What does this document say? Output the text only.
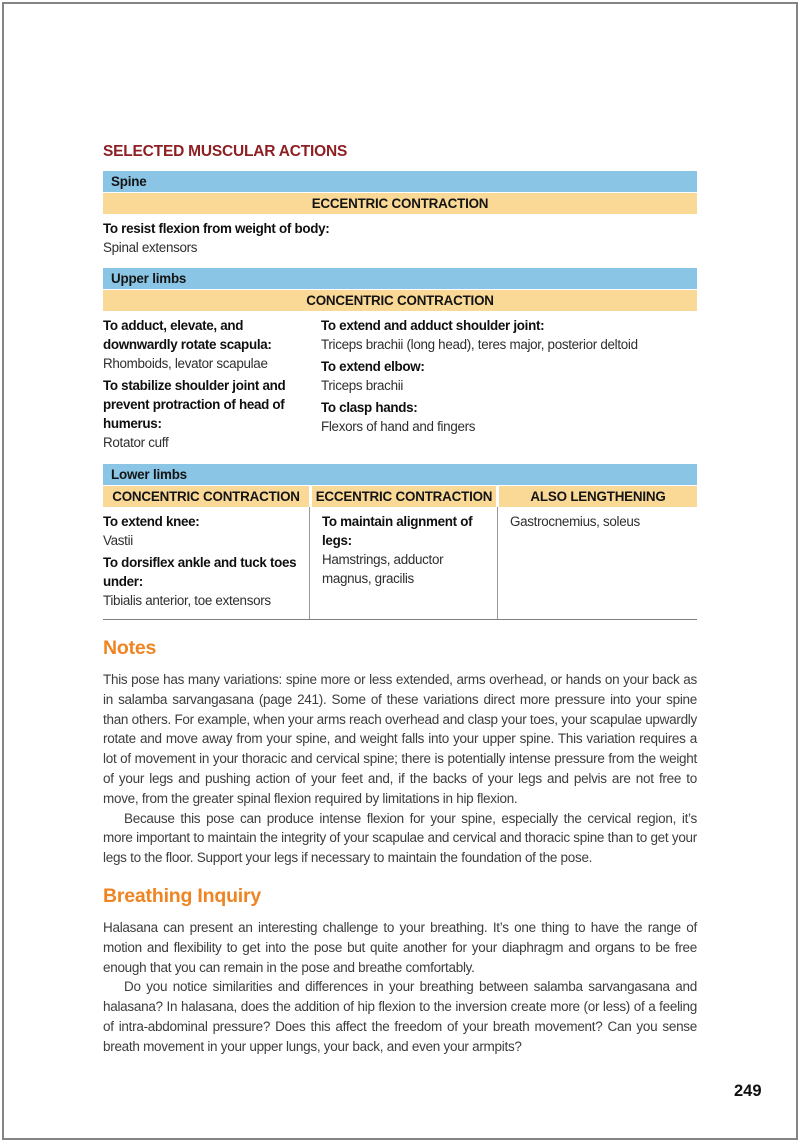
SELECTED MUSCULAR ACTIONS
Spine
ECCENTRIC CONTRACTION
To resist flexion from weight of body:
Spinal extensors
Upper limbs
CONCENTRIC CONTRACTION
To adduct, elevate, and downwardly rotate scapula:
Rhomboids, levator scapulae
To stabilize shoulder joint and prevent protraction of head of humerus:
Rotator cuff
To extend and adduct shoulder joint:
Triceps brachii (long head), teres major, posterior deltoid
To extend elbow:
Triceps brachii
To clasp hands:
Flexors of hand and fingers
Lower limbs
CONCENTRIC CONTRACTION	ECCENTRIC CONTRACTION	ALSO LENGTHENING
To extend knee:
Vastii
To dorsiflex ankle and tuck toes under:
Tibialis anterior, toe extensors
To maintain alignment of legs:
Hamstrings, adductor magnus, gracilis
Gastrocnemius, soleus
Notes

This pose has many variations: spine more or less extended, arms overhead, or hands on your back as in salamba sarvangasana (page 241). Some of these variations direct more pressure into your spine than others. For example, when your arms reach overhead and clasp your toes, your scapulae upwardly rotate and move away from your spine, and weight falls into your upper spine. This variation requires a lot of movement in your thoracic and cervical spine; there is potentially intense pressure from the weight of your legs and pushing action of your feet and, if the backs of your legs and pelvis are not free to move, from the greater spinal flexion required by limitations in hip flexion.

Because this pose can produce intense flexion for your spine, especially the cervical region, it’s more important to maintain the integrity of your scapulae and cervical and thoracic spine than to get your legs to the floor. Support your legs if necessary to maintain the foundation of the pose.

Breathing Inquiry

Halasana can present an interesting challenge to your breathing. It’s one thing to have the range of motion and flexibility to get into the pose but quite another for your diaphragm and organs to be free enough that you can remain in the pose and breathe comfortably.

Do you notice similarities and differences in your breathing between salamba sarvangasana and halasana? In halasana, does the addition of hip flexion to the inversion create more (or less) of a feeling of intra-abdominal pressure? Does this affect the freedom of your breath movement? Can you sense breath movement in your upper lungs, your back, and even your armpits?

249
